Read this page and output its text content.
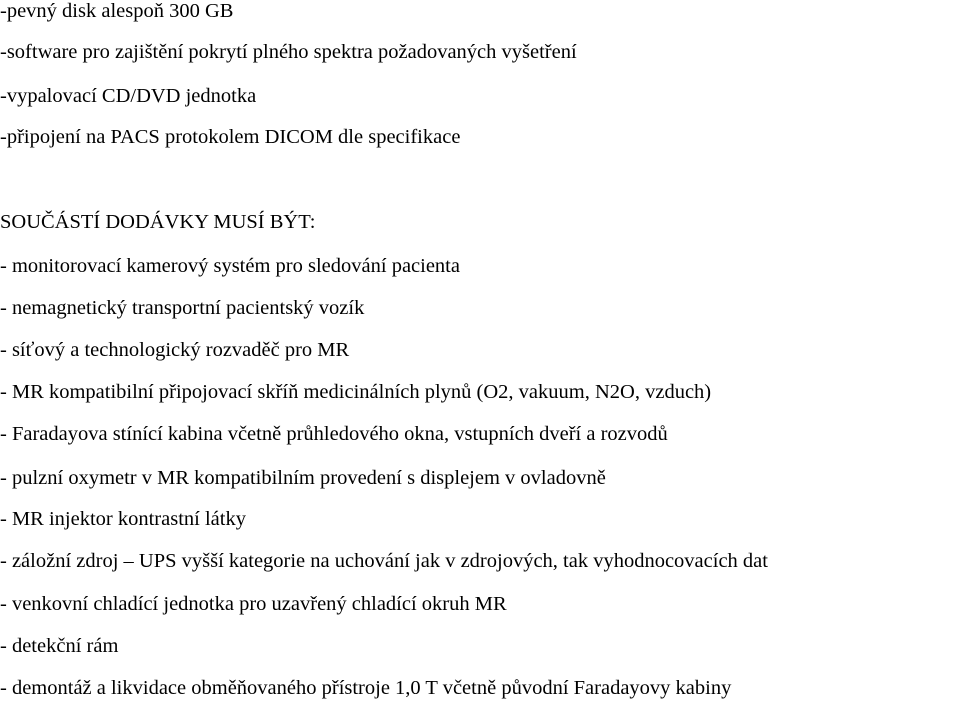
-pevný disk alespoň 300 GB
-software pro zajištění pokrytí plného spektra požadovaných vyšetření
-vypalovací CD/DVD jednotka
-připojení na PACS protokolem DICOM dle specifikace
SOUČÁSTÍ DODÁVKY MUSÍ BÝT:
- monitorovací kamerový systém pro sledování pacienta
- nemagnetický transportní pacientský vozík
- síťový a technologický rozvaděč pro MR
- MR kompatibilní připojovací skříň medicinálních plynů (O2, vakuum, N2O, vzduch)
- Faradayova stínící kabina včetně průhledového okna, vstupních dveří a rozvodů
- pulzní oxymetr v MR kompatibilním provedení s displejem v ovladovně
- MR injektor kontrastní látky
- záložní zdroj – UPS vyšší kategorie na uchování jak v zdrojových, tak vyhodnocovacích dat
- venkovní chladící jednotka pro uzavřený chladící okruh MR
- detekční rám
- demontáž a likvidace obměňovaného přístroje 1,0 T včetně původní Faradayovy kabiny
